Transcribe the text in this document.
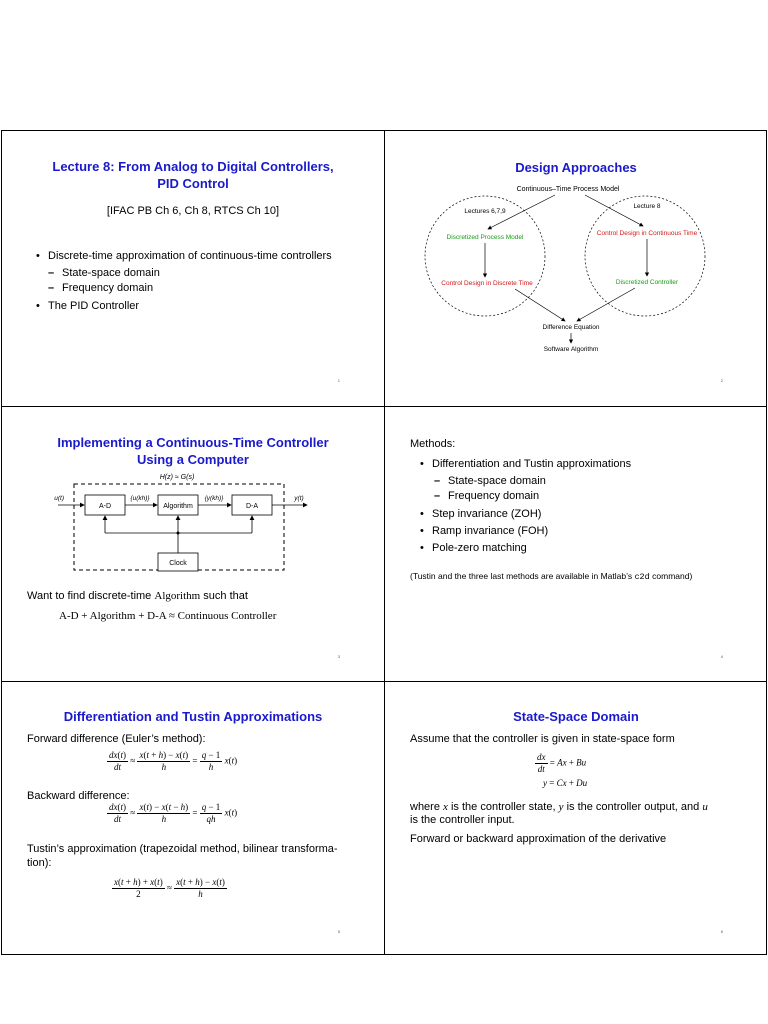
Lecture 8: From Analog to Digital Controllers,
PID Control
[IFAC PB Ch 6, Ch 8, RTCS Ch 10]
• Discrete-time approximation of continuous-time controllers
– State-space domain
– Frequency domain
• The PID Controller
1
Design Approaches
Continuous–Time Process Model
Lectures 6,7,9
Lecture 8
Discretized Process Model
Control Design in Continuous Time
Control Design in Discrete Time	Discretized Controller
Difference Equation
Software Algorithm
2
Implementing a Continuous-Time Controller
Using a Computer
H(z) ≈ G(s)
u(t)	y(t)
A-D
{u(kh)}
Algorithm
{y(kh)}
D-A
Clock
Want to find discrete-time Algorithm such that
A-D + Algorithm + D-A ≈ Continuous Controller
3
Methods:
• Differentiation and Tustin approximations
– State-space domain
– Frequency domain
• Step invariance (ZOH)
• Ramp invariance (FOH)
• Pole-zero matching
(Tustin and the three last methods are available in Matlab’s c2d command)
4
Differentiation and Tustin Approximations
Forward difference (Euler’s method):
$\frac{dx(t)}{dt} \approx \frac{x(t + h) - x(t)}{h} = \frac{q - 1}{h} x(t)$
Backward difference:
$\frac{dx(t)}{dt} \approx \frac{x(t) - x(t - h)}{h} = \frac{q - 1}{qh} x(t)$
Tustin’s approximation (trapezoidal method, bilinear transforma-
tion):
$\frac{x(t + h) + x(t)}{2} \approx \frac{x(t + h) - x(t)}{h}$
5
State-Space Domain
Assume that the controller is given in state-space form
$\frac{dx}{dt} = Ax + Bu$
y = Cx + Du
where x is the controller state, y is the controller output, and u
is the controller input.
Forward or backward approximation of the derivative
6
